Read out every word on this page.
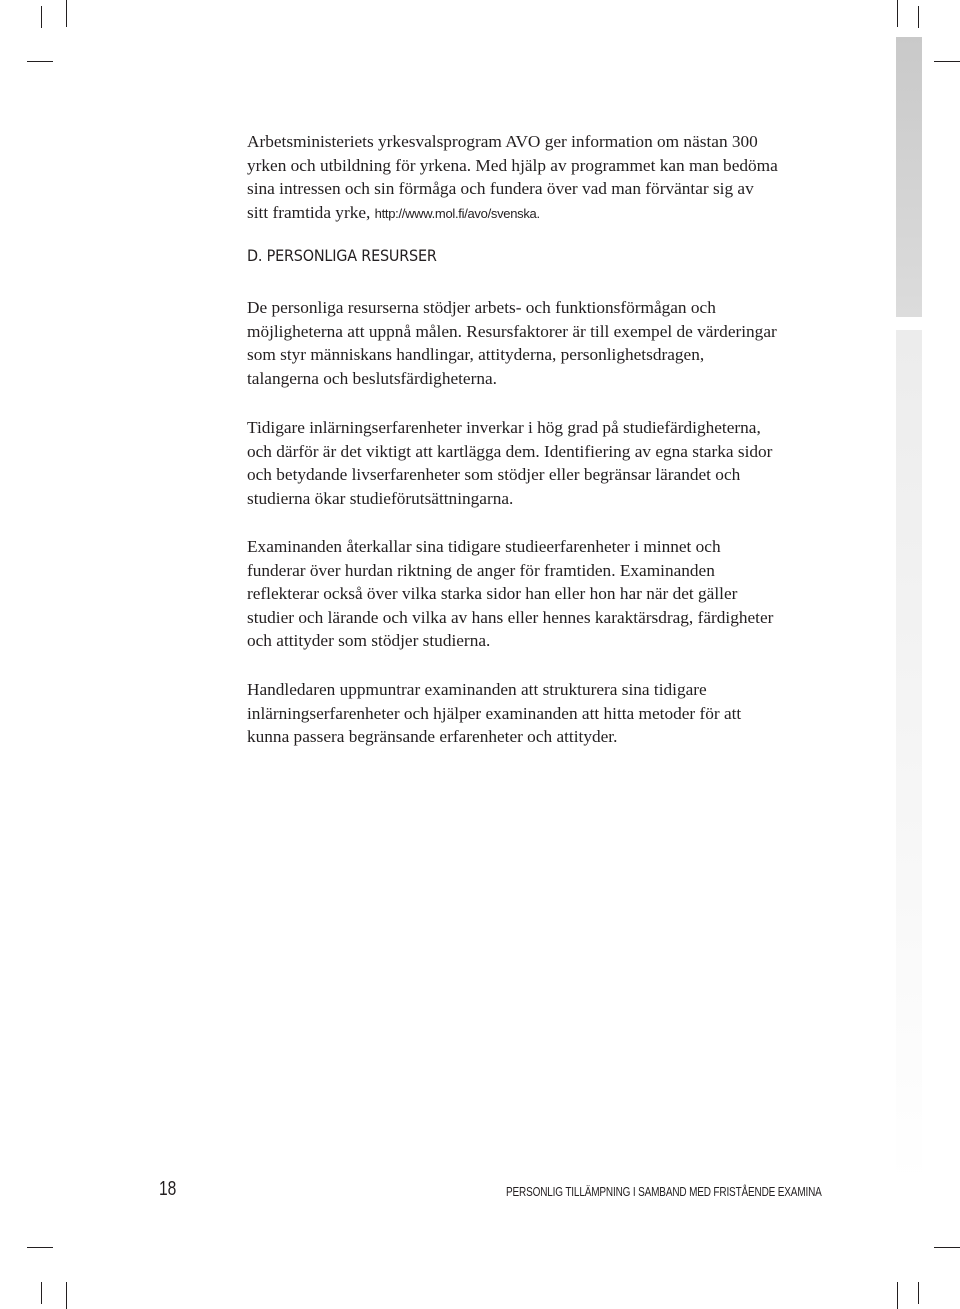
Arbetsministeriets yrkesvalsprogram AVO ger information om nästan 300 yrken och utbildning för yrkena. Med hjälp av programmet kan man bedöma sina intressen och sin förmåga och fundera över vad man förväntar sig av sitt framtida yrke, http://www.mol.fi/avo/svenska.

D. PERSONLIGA RESURSER

De personliga resurserna stödjer arbets- och funktionsförmågan och möjligheterna att uppnå målen. Resursfaktorer är till exempel de värderingar som styr människans handlingar, attityderna, personlighetsdragen, talangerna och beslutsfärdigheterna.

Tidigare inlärningserfarenheter inverkar i hög grad på studiefärdigheterna, och därför är det viktigt att kartlägga dem. Identifiering av egna starka sidor och betydande livserfarenheter som stödjer eller begränsar lärandet och studierna ökar studieförutsättningarna.

Examinanden återkallar sina tidigare studieerfarenheter i minnet och funderar över hurdan riktning de anger för framtiden. Examinanden reflekterar också över vilka starka sidor han eller hon har när det gäller studier och lärande och vilka av hans eller hennes karaktärsdrag, färdigheter och attityder som stödjer studierna.

Handledaren uppmuntrar examinanden att strukturera sina tidigare inlärningserfarenheter och hjälper examinanden att hitta metoder för att kunna passera begränsande erfarenheter och attityder.

18	PERSONLIG TILLÄMPNING I SAMBAND MED FRISTÅENDE EXAMINA
